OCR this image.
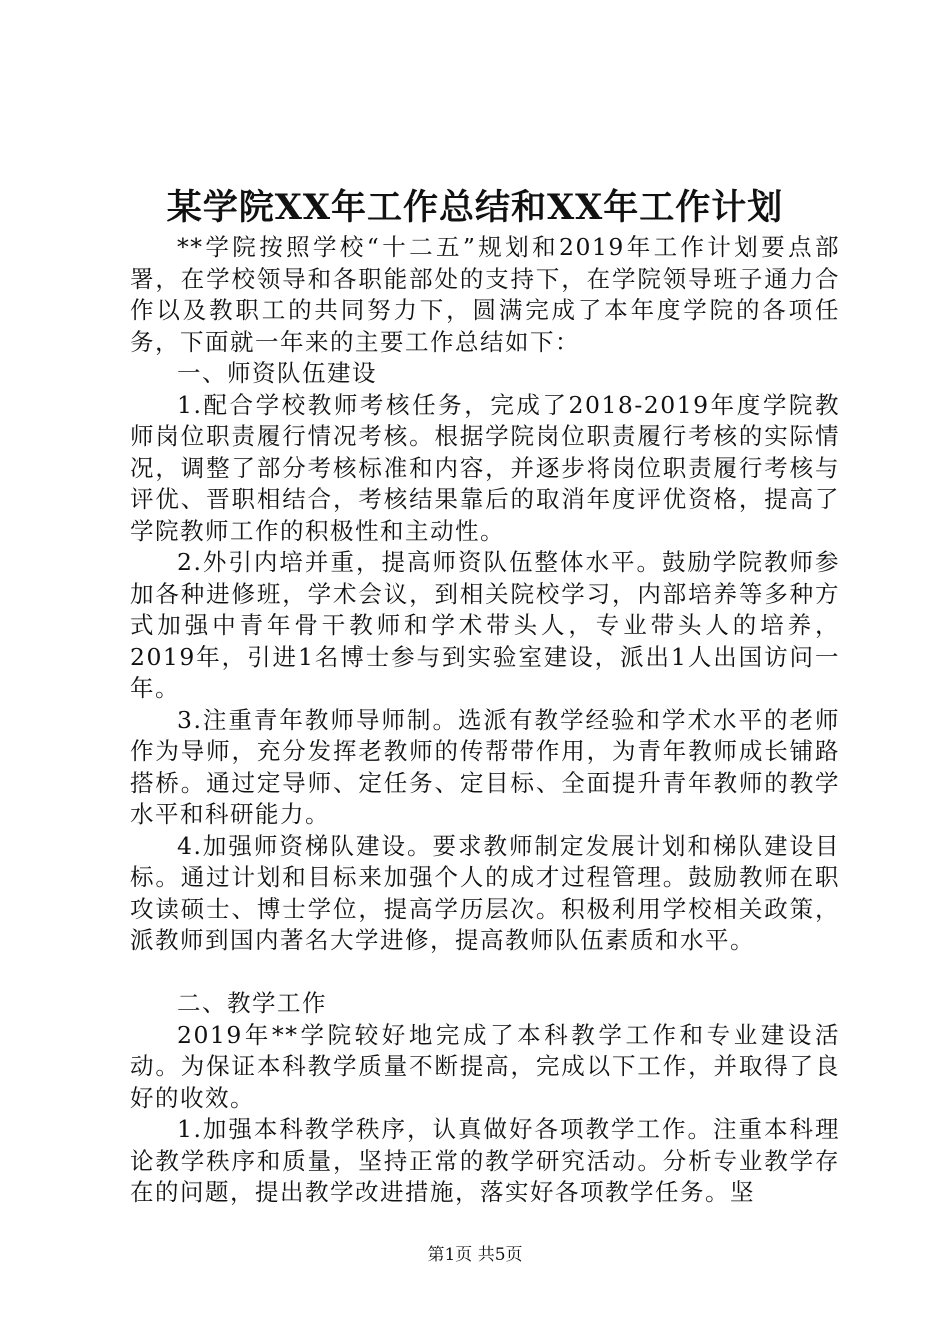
某学院XX年工作总结和XX年工作计划

**学院按照学校“十二五”规划和2019年工作计划要点部署，在学校领导和各职能部处的支持下，在学院领导班子通力合作以及教职工的共同努力下，圆满完成了本年度学院的各项任务，下面就一年来的主要工作总结如下：

一、师资队伍建设

1.配合学校教师考核任务，完成了2018-2019年度学院教师岗位职责履行情况考核。根据学院岗位职责履行考核的实际情况，调整了部分考核标准和内容，并逐步将岗位职责履行考核与评优、晋职相结合，考核结果靠后的取消年度评优资格，提高了学院教师工作的积极性和主动性。

2.外引内培并重，提高师资队伍整体水平。鼓励学院教师参加各种进修班，学术会议，到相关院校学习，内部培养等多种方式加强中青年骨干教师和学术带头人，专业带头人的培养，2019年，引进1名博士参与到实验室建设，派出1人出国访问一年。

3.注重青年教师导师制。选派有教学经验和学术水平的老师作为导师，充分发挥老教师的传帮带作用，为青年教师成长铺路搭桥。通过定导师、定任务、定目标、全面提升青年教师的教学水平和科研能力。

4.加强师资梯队建设。要求教师制定发展计划和梯队建设目标。通过计划和目标来加强个人的成才过程管理。鼓励教师在职攻读硕士、博士学位，提高学历层次。积极利用学校相关政策，派教师到国内著名大学进修，提高教师队伍素质和水平。

二、教学工作

2019年**学院较好地完成了本科教学工作和专业建设活动。为保证本科教学质量不断提高，完成以下工作，并取得了良好的收效。

1.加强本科教学秩序，认真做好各项教学工作。注重本科理论教学秩序和质量，坚持正常的教学研究活动。分析专业教学存在的问题，提出教学改进措施，落实好各项教学任务。坚

第1页 共5页
